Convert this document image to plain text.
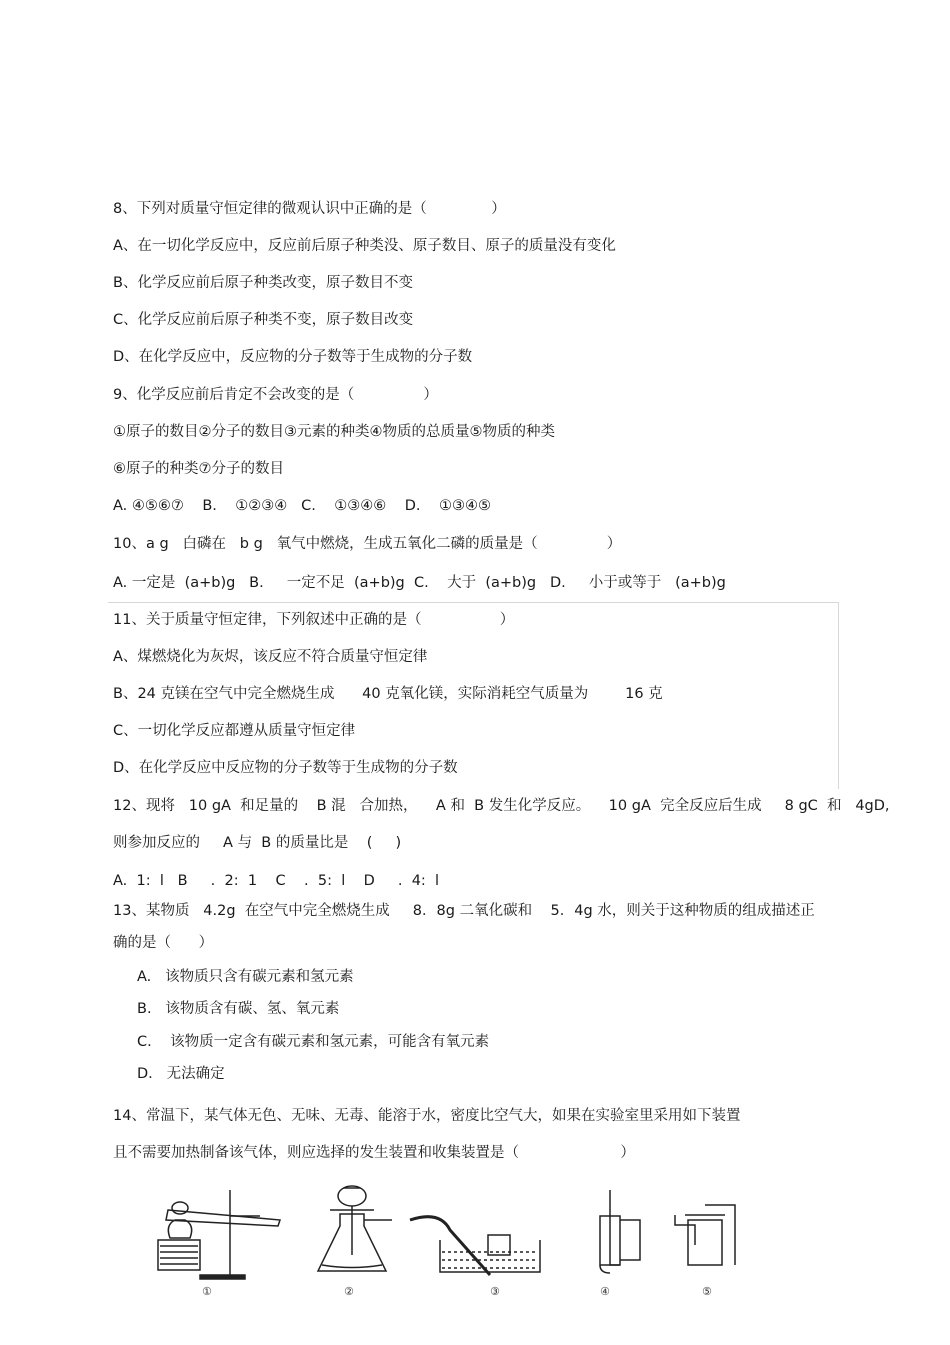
8、下列对质量守恒定律的微观认识中正确的是（              ）
A、在一切化学反应中，反应前后原子种类没、原子数目、原子的质量没有变化
B、化学反应前后原子种类改变，原子数目不变
C、化学反应前后原子种类不变，原子数目改变
D、在化学反应中，反应物的分子数等于生成物的分子数
9、化学反应前后肯定不会改变的是（               ）
①原子的数目②分子的数目③元素的种类④物质的总质量⑤物质的种类
⑥原子的种类⑦分子的数目
A. ④⑤⑥⑦    B.    ①②③④   C.    ①③④⑥    D.    ①③④⑤
10、a g   白磷在   b g   氧气中燃烧，生成五氧化二磷的质量是（               ）
A. 一定是  (a+b)g   B.     一定不足  (a+b)g  C.    大于  (a+b)g   D.     小于或等于   (a+b)g
11、关于质量守恒定律，下列叙述中正确的是（                 ）
A、煤燃烧化为灰烬，该反应不符合质量守恒定律
B、24 克镁在空气中完全燃烧生成      40 克氧化镁，实际消耗空气质量为        16 克
C、一切化学反应都遵从质量守恒定律
D、在化学反应中反应物的分子数等于生成物的分子数
12、现将   10 gA  和足量的    B 混   合加热，    A 和  B 发生化学反应。    10 gA  完全反应后生成     8 gC  和   4gD,
则参加反应的     A 与  B 的质量比是    (     )
A.  1:  l   B     .  2:  1    C    .  5:  l    D     .  4:  l
13、某物质   4.2g  在空气中完全燃烧生成     8．8g 二氧化碳和    5．4g 水，则关于这种物质的组成描述正
确的是（      ）
A.   该物质只含有碳元素和氢元素
B.   该物质含有碳、氢、氧元素
C.    该物质一定含有碳元素和氢元素，可能含有氧元素
D.   无法确定
14、常温下，某气体无色、无味、无毒、能溶于水，密度比空气大，如果在实验室里采用如下装置
且不需要加热制备该气体，则应选择的发生装置和收集装置是（                      ）
①	②	③	④	⑤
